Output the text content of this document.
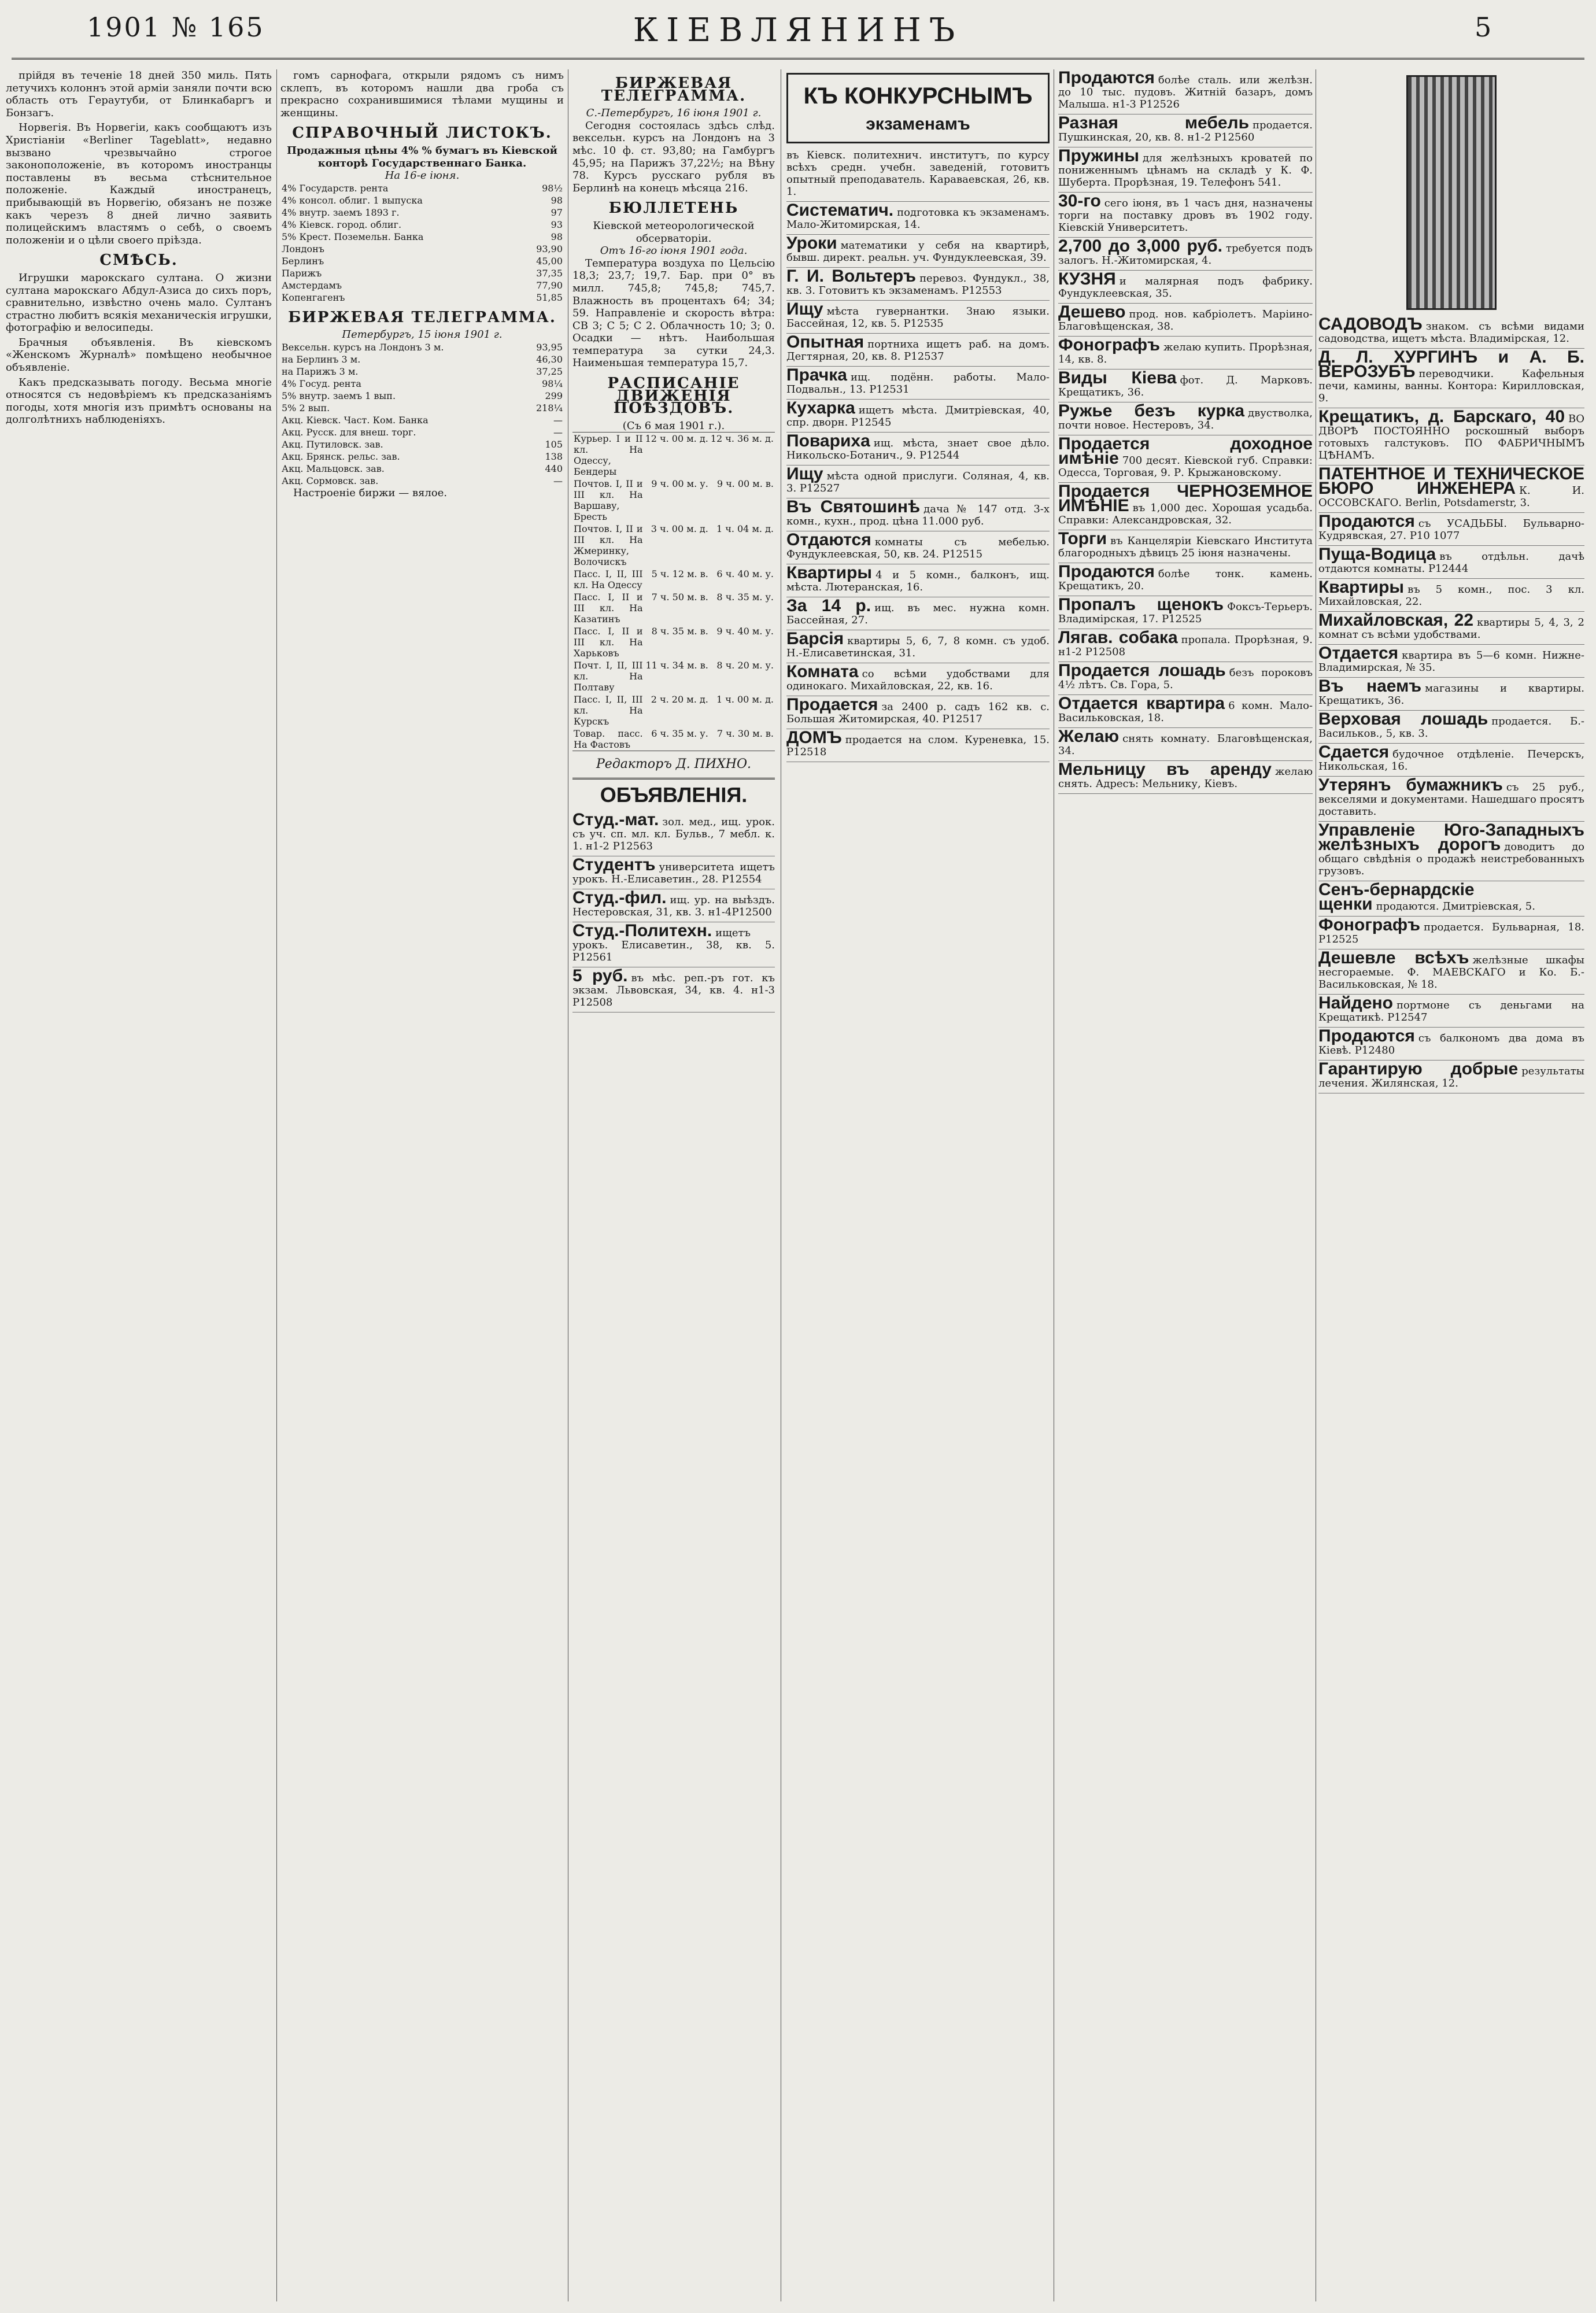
1901 № 165	КІЕВЛЯНИНЪ	5

прійдя въ теченіе 18 дней 350 миль. Пять летучихъ колоннъ этой арміи заняли почти всю область отъ Гераутуби, от Блинкабаргъ и Бонзагъ.

Норвегія. Въ Норвегіи, какъ сообщаютъ изъ Христіаніи «Berliner Tageblatt», недавно вызвано чрезвычайно строгое законоположеніе, въ которомъ иностранцы поставлены въ весьма стѣснительное положеніе. Каждый иностранецъ, прибывающій въ Норвегію, обязанъ не позже какъ черезъ 8 дней лично заявить полицейскимъ властямъ о себѣ, о своемъ положеніи и о цѣли своего пріѣзда.

СМѢСЬ.

Игрушки марокскаго султана. О жизни султана марокскаго Абдул-Азиса до сихъ поръ, сравнительно, извѣстно очень мало. Султанъ страстно любитъ всякія механическія игрушки, фотографію и велосипеды.

Брачныя объявленія. Въ кіевскомъ «Женскомъ Журналѣ» помѣщено необычное объявленіе.

Какъ предсказывать погоду. Весьма многіе относятся съ недовѣріемъ къ предсказаніямъ погоды, хотя многія изъ примѣтъ основаны на долголѣтнихъ наблюденіяхъ.

гомъ сарнофага, открыли рядомъ съ нимъ склепъ, въ которомъ нашли два гроба съ прекрасно сохранившимися тѣлами мущины и женщины.

СПРАВОЧНЫЙ ЛИСТОКЪ.
Продажныя цѣны 4% % бумагъ въ Кіевской конторѣ Государственнаго Банка.
На 16-е іюня.
4% Государств. рента	98½
4% консол. облиг. 1 выпуска	98
4% внутр. заемъ 1893 г.	97
4% Кіевск. город. облиг.	93
5% Крест. Поземельн. Банка	98
Лондонъ	93,90
Берлинъ	45,00
Парижъ	37,35
Амстердамъ	77,90
Копенгагенъ	51,85
БИРЖЕВАЯ ТЕЛЕГРАММА.
Петербургъ, 15 іюня 1901 г.
Вексельн. курсъ на Лондонъ 3 м.	93,95
на Берлинъ 3 м.	46,30
на Парижъ 3 м.	37,25
4% Госуд. рента	98¼
5% внутр. заемъ 1 вып.	299
5% 2 вып.	218¼
Акц. Кіевск. Част. Ком. Банка	—
Акц. Русск. для внеш. торг.	—
Акц. Путиловск. зав.	105
Акц. Брянск. рельс. зав.	138
Акц. Мальцовск. зав.	440
Акц. Сормовск. зав.	—

Настроеніе биржи — вялое.

БИРЖЕВАЯ ТЕЛЕГРАММА.
С.-Петербургъ, 16 іюня 1901 г.

Сегодня состоялась здѣсь слѣд. вексельн. курсъ на Лондонъ на 3 мѣс. 10 ф. ст. 93,80; на Гамбургъ 45,95; на Парижъ 37,22½; на Вѣну 78. Курсъ русскаго рубля въ Берлинѣ на конецъ мѣсяца 216.

БЮЛЛЕТЕНЬ
Кіевской метеорологической обсерваторіи.
Отъ 16-го іюня 1901 года.

Температура воздуха по Цельсію 18,3; 23,7; 19,7. Бар. при 0° въ милл. 745,8; 745,8; 745,7. Влажность въ процентахъ 64; 34; 59. Направленіе и скорость вѣтра: СВ 3; С 5; С 2. Облачность 10; 3; 0. Осадки — нѣтъ. Наибольшая температура за сутки 24,3. Наименьшая температура 15,7.

РАСПИСАНІЕ ДВИЖЕНІЯ ПОѢЗДОВЪ.
(Съ 6 мая 1901 г.).
Курьер. I и II кл. На Одессу, Бендеры	12 ч. 00 м. д.	12 ч. 36 м. д.
Почтов. I, II и III кл. На Варшаву, Бресть	9 ч. 00 м. у.	9 ч. 00 м. в.
Почтов. I, II и III кл. На Жмеринку, Волочискъ	3 ч. 00 м. д.	1 ч. 04 м. д.
Пасс. I, II, III кл. На Одессу	5 ч. 12 м. в.	6 ч. 40 м. у.
Пасс. I, II и III кл. На Казатинъ	7 ч. 50 м. в.	8 ч. 35 м. у.
Пасс. I, II и III кл. На Харьковъ	8 ч. 35 м. в.	9 ч. 40 м. у.
Почт. I, II, III кл. На Полтаву	11 ч. 34 м. в.	8 ч. 20 м. у.
Пасс. I, II, III кл. На Курскъ	2 ч. 20 м. д.	1 ч. 00 м. д.
Товар. пасс. На Фастовъ	6 ч. 35 м. у.	7 ч. 30 м. в.
Редакторъ Д. ПИХНО.
ОБЪЯВЛЕНІЯ.
Студ.-мат. зол. мед., ищ. урок. съ уч. сп. мл. кл. Бульв., 7 мебл. к. 1. н1-2 Р12563
Студентъ университета ищетъ урокъ. Н.-Елисаветин., 28. Р12554
Студ.-фил. ищ. ур. на выѣздъ. Нестеровская, 31, кв. 3. н1-4Р12500
Студ.-Политехн. ищетъ урокъ. Елисаветин., 38, кв. 5. Р12561
5 руб. въ мѣс. реп.-ръ гот. къ экзам. Львовская, 34, кв. 4. н1-3 Р12508
КЪ КОНКУРСНЫМЪ
экзаменамъ
въ Кіевск. политехнич. институтъ, по курсу всѣхъ средн. учебн. заведеній, готовитъ опытный преподаватель. Караваевская, 26, кв. 1.
Систематич. подготовка къ экзаменамъ. Мало-Житомирская, 14.
Уроки математики у себя на квартирѣ, бывш. директ. реальн. уч. Фундуклеевская, 39.
Г. И. Вольтеръ перевоз. Фундукл., 38, кв. 3. Готовитъ къ экзаменамъ. Р12553
Ищу мѣста гувернантки. Знаю языки. Бассейная, 12, кв. 5. Р12535
Опытная портниха ищетъ раб. на домъ. Дегтярная, 20, кв. 8. Р12537
Прачка ищ. подённ. работы. Мало-Подвальн., 13. Р12531
Кухарка ищетъ мѣста. Дмитріевская, 40, спр. дворн. Р12545
Повариха ищ. мѣста, знает свое дѣло. Никольско-Ботанич., 9. Р12544
Ищу мѣста одной прислуги. Соляная, 4, кв. 3. Р12527
Въ Святошинѣ дача № 147 отд. 3-х комн., кухн., прод. цѣна 11.000 руб.
Отдаются комнаты съ мебелью. Фундуклеевская, 50, кв. 24. Р12515
Квартиры 4 и 5 комн., балконъ, ищ. мѣста. Лютеранская, 16.
За 14 р. ищ. въ мес. нужна комн. Бассейная, 27.
Барсія квартиры 5, 6, 7, 8 комн. съ удоб. Н.-Елисаветинская, 31.
Комната со всѣми удобствами для одинокаго. Михайловская, 22, кв. 16.
Продается за 2400 р. садъ 162 кв. с. Большая Житомирская, 40. Р12517
ДОМЪ продается на слом. Куреневка, 15. Р12518
Продаются болѣе сталь. или желѣзн. до 10 тыс. пудовъ. Житній базаръ, домъ Малыша. н1-3 Р12526
Разная мебель продается. Пушкинская, 20, кв. 8. н1-2 Р12560
Пружины для желѣзныхъ кроватей по пониженнымъ цѣнамъ на складѣ у К. Ф. Шуберта. Прорѣзная, 19. Телефонъ 541.
30-го сего іюня, въ 1 часъ дня, назначены торги на поставку дровъ въ 1902 году. Кіевскій Университетъ.
2,700 до 3,000 руб. требуется подъ залогъ. Н.-Житомирская, 4.
КУЗНЯ и малярная подъ фабрику. Фундуклеевская, 35.
Дешево прод. нов. кабріолетъ. Маріино-Благовѣщенская, 38.
Фонографъ желаю купить. Прорѣзная, 14, кв. 8.
Виды Кіева фот. Д. Марковъ. Крещатикъ, 36.
Ружье безъ курка двустволка, почти новое. Нестеровъ, 34.
Продается доходное имѣніе 700 десят. Кіевской губ. Справки: Одесса, Торговая, 9. Р. Крыжановскому.
Продается ЧЕРНОЗЕМНОЕ ИМѢНІЕ въ 1,000 дес. Хорошая усадьба. Справки: Александровская, 32.
Торги въ Канцеляріи Кіевскаго Института благородныхъ дѣвицъ 25 іюня назначены.
Продаются болѣе тонк. камень. Крещатикъ, 20.
Пропалъ щенокъ Фоксъ-Терьеръ. Владимірская, 17. Р12525
Лягав. собака пропала. Прорѣзная, 9. н1-2 Р12508
Продается лошадь безъ пороковъ 4½ лѣтъ. Св. Гора, 5.
Отдается квартира 6 комн. Мало-Васильковская, 18.
Желаю снять комнату. Благовѣщенская, 34.
Мельницу въ аренду желаю снять. Адресъ: Мельнику, Кіевъ.
САДОВОДЪ знаком. съ всѣми видами садоводства, ищетъ мѣста. Владимірская, 12.
Д. Л. ХУРГИНЪ и А. Б. ВЕРОЗУБЪ переводчики. Кафельныя печи, камины, ванны. Контора: Кирилловская, 9.
Крещатикъ, д. Барскаго, 40 ВО ДВОРѢ ПОСТОЯННО роскошный выборъ готовыхъ галстуковъ. ПО ФАБРИЧНЫМЪ ЦѢНАМЪ.
ПАТЕНТНОЕ И ТЕХНИЧЕСКОЕ БЮРО ИНЖЕНЕРА К. И. ОССОВСКАГО. Berlin, Potsdamerstr, 3.
Продаются съ УСАДЬБЫ. Бульварно-Кудрявская, 27. Р10 1077
Пуща-Водица въ отдѣльн. дачѣ отдаются комнаты. Р12444
Квартиры въ 5 комн., пос. 3 кл. Михайловская, 22.
Михайловская, 22 квартиры 5, 4, 3, 2 комнат съ всѣми удобствами.
Отдается квартира въ 5—6 комн. Нижне-Владимирская, № 35.
Въ наемъ магазины и квартиры. Крещатикъ, 36.
Верховая лошадь продается. Б.-Васильков., 5, кв. 3.
Сдается будочное отдѣленіе. Печерскъ, Никольская, 16.
Утерянъ бумажникъ съ 25 руб., векселями и документами. Нашедшаго просятъ доставить.
Управленіе Юго-Западныхъ желѣзныхъ дорогъ доводитъ до общаго свѣдѣнія о продажѣ неистребованныхъ грузовъ.
Сенъ-бернардскіе щенки продаются. Дмитріевская, 5.
Фонографъ продается. Бульварная, 18. Р12525
Дешевле всѣхъ желѣзные шкафы несгораемые. Ф. МАЕВСКАГО и Ко. Б.-Васильковская, № 18.
Найдено портмоне съ деньгами на Крещатикѣ. Р12547
Продаются съ балкономъ два дома въ Кіевѣ. Р12480
Гарантирую добрые результаты лечения. Жилянская, 12.
